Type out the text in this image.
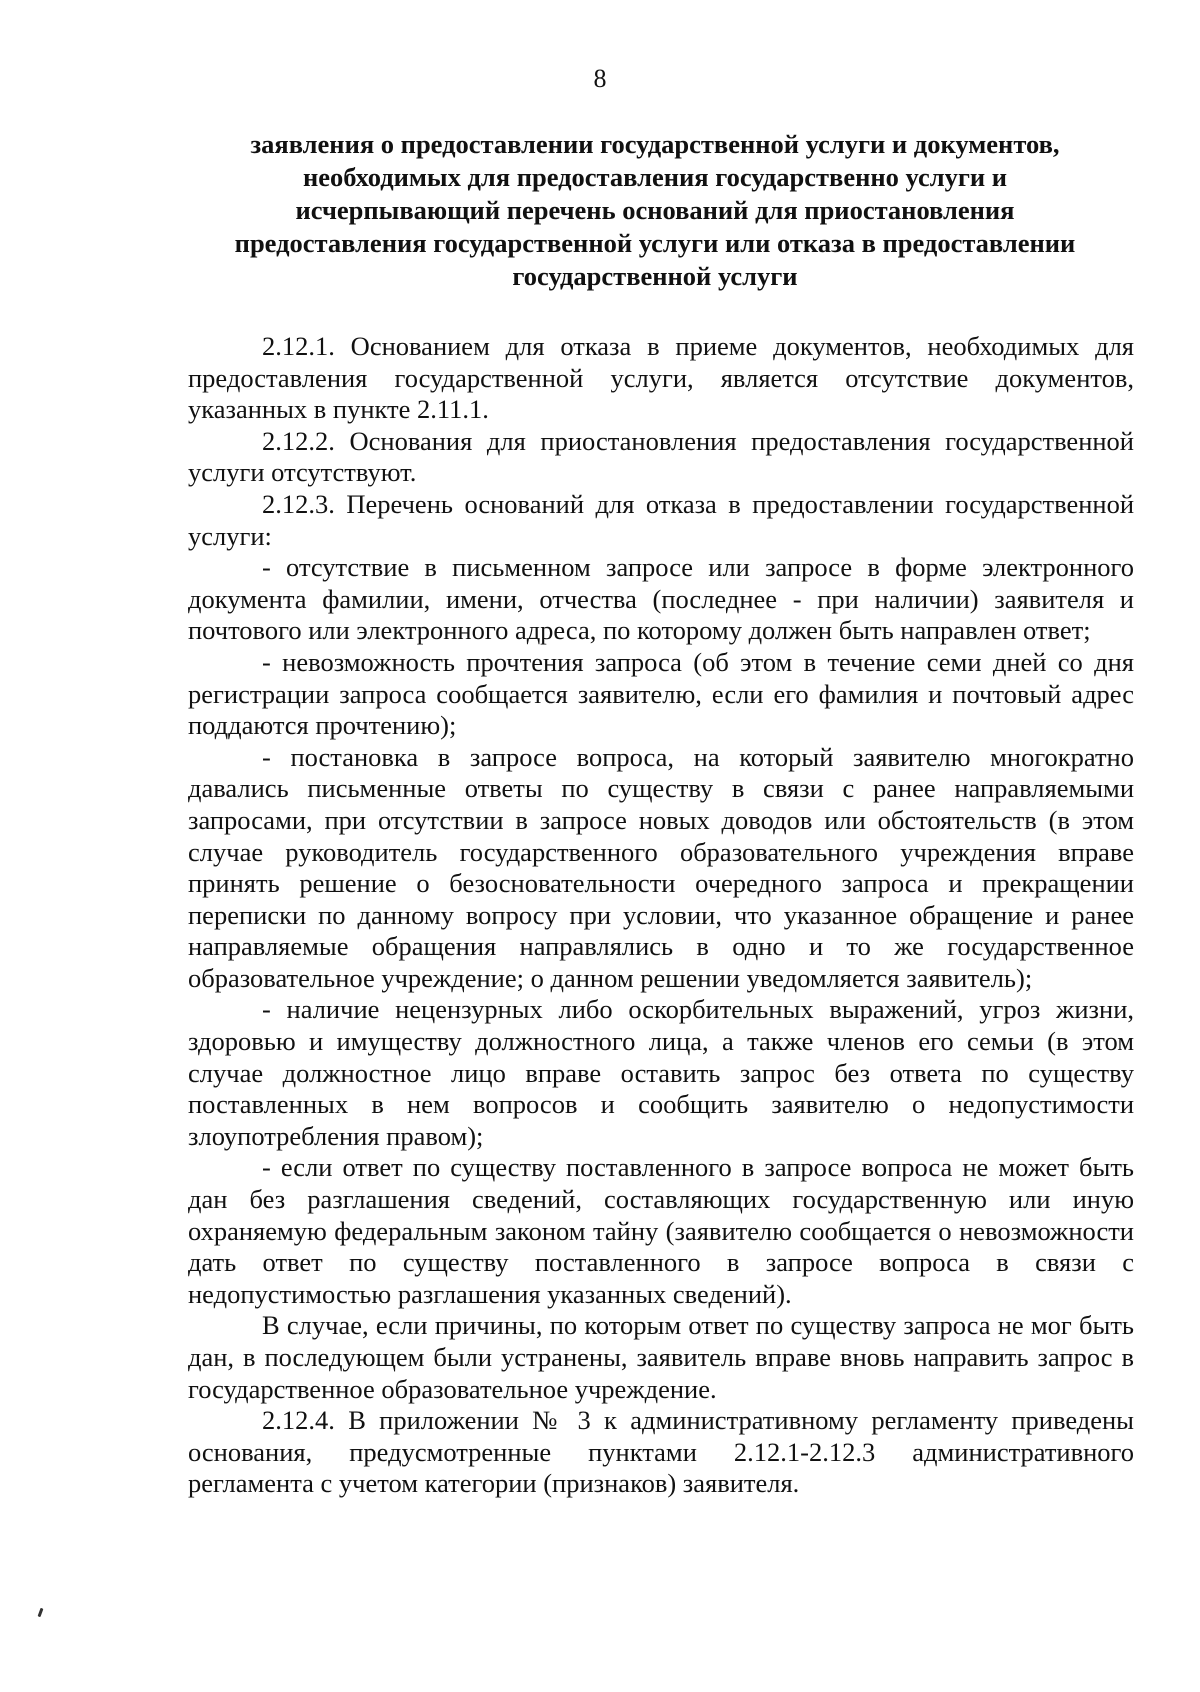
8
заявления о предоставлении государственной услуги и документов, необходимых для предоставления государственно услуги и исчерпывающий перечень оснований для приостановления предоставления государственной услуги или отказа в предоставлении государственной услуги

2.12.1. Основанием для отказа в приеме документов, необходимых для предоставления государственной услуги, является отсутствие документов, указанных в пункте 2.11.1.

2.12.2. Основания для приостановления предоставления государственной услуги отсутствуют.

2.12.3. Перечень оснований для отказа в предоставлении государственной услуги:

- отсутствие в письменном запросе или запросе в форме электронного документа фамилии, имени, отчества (последнее - при наличии) заявителя и почтового или электронного адреса, по которому должен быть направлен ответ;

- невозможность прочтения запроса (об этом в течение семи дней со дня регистрации запроса сообщается заявителю, если его фамилия и почтовый адрес поддаются прочтению);

- постановка в запросе вопроса, на который заявителю многократно давались письменные ответы по существу в связи с ранее направляемыми запросами, при отсутствии в запросе новых доводов или обстоятельств (в этом случае руководитель государственного образовательного учреждения вправе принять решение о безосновательности очередного запроса и прекращении переписки по данному вопросу при условии, что указанное обращение и ранее направляемые обращения направлялись в одно и то же государственное образовательное учреждение; о данном решении уведомляется заявитель);

- наличие нецензурных либо оскорбительных выражений, угроз жизни, здоровью и имуществу должностного лица, а также членов его семьи (в этом случае должностное лицо вправе оставить запрос без ответа по существу поставленных в нем вопросов и сообщить заявителю о недопустимости злоупотребления правом);

- если ответ по существу поставленного в запросе вопроса не может быть дан без разглашения сведений, составляющих государственную или иную охраняемую федеральным законом тайну (заявителю сообщается о невозможности дать ответ по существу поставленного в запросе вопроса в связи с недопустимостью разглашения указанных сведений).

В случае, если причины, по которым ответ по существу запроса не мог быть дан, в последующем были устранены, заявитель вправе вновь направить запрос в государственное образовательное учреждение.

2.12.4. В приложении № 3 к административному регламенту приведены основания, предусмотренные пунктами 2.12.1-2.12.3 административного регламента с учетом категории (признаков) заявителя.
